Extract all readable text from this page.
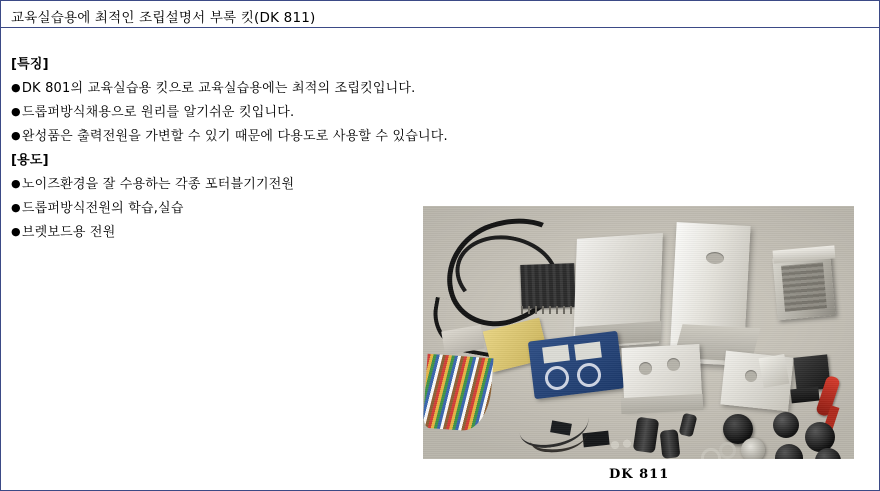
교육실습용에 최적인 조립설명서 부록 킷(DK 811)
[특징]
●DK 801의 교육실습용 킷으로 교육실습용에는 최적의 조립킷입니다.
●드롭퍼방식채용으로 원리를 알기쉬운 킷입니다.
●완성품은 출력전원을 가변할 수 있기 때문에 다용도로 사용할 수 있습니다.
[용도]
●노이즈환경을 잘 수용하는 각종 포터블기기전원
●드롭퍼방식전원의 학습,실습
●브렛보드용 전원
DK 811
